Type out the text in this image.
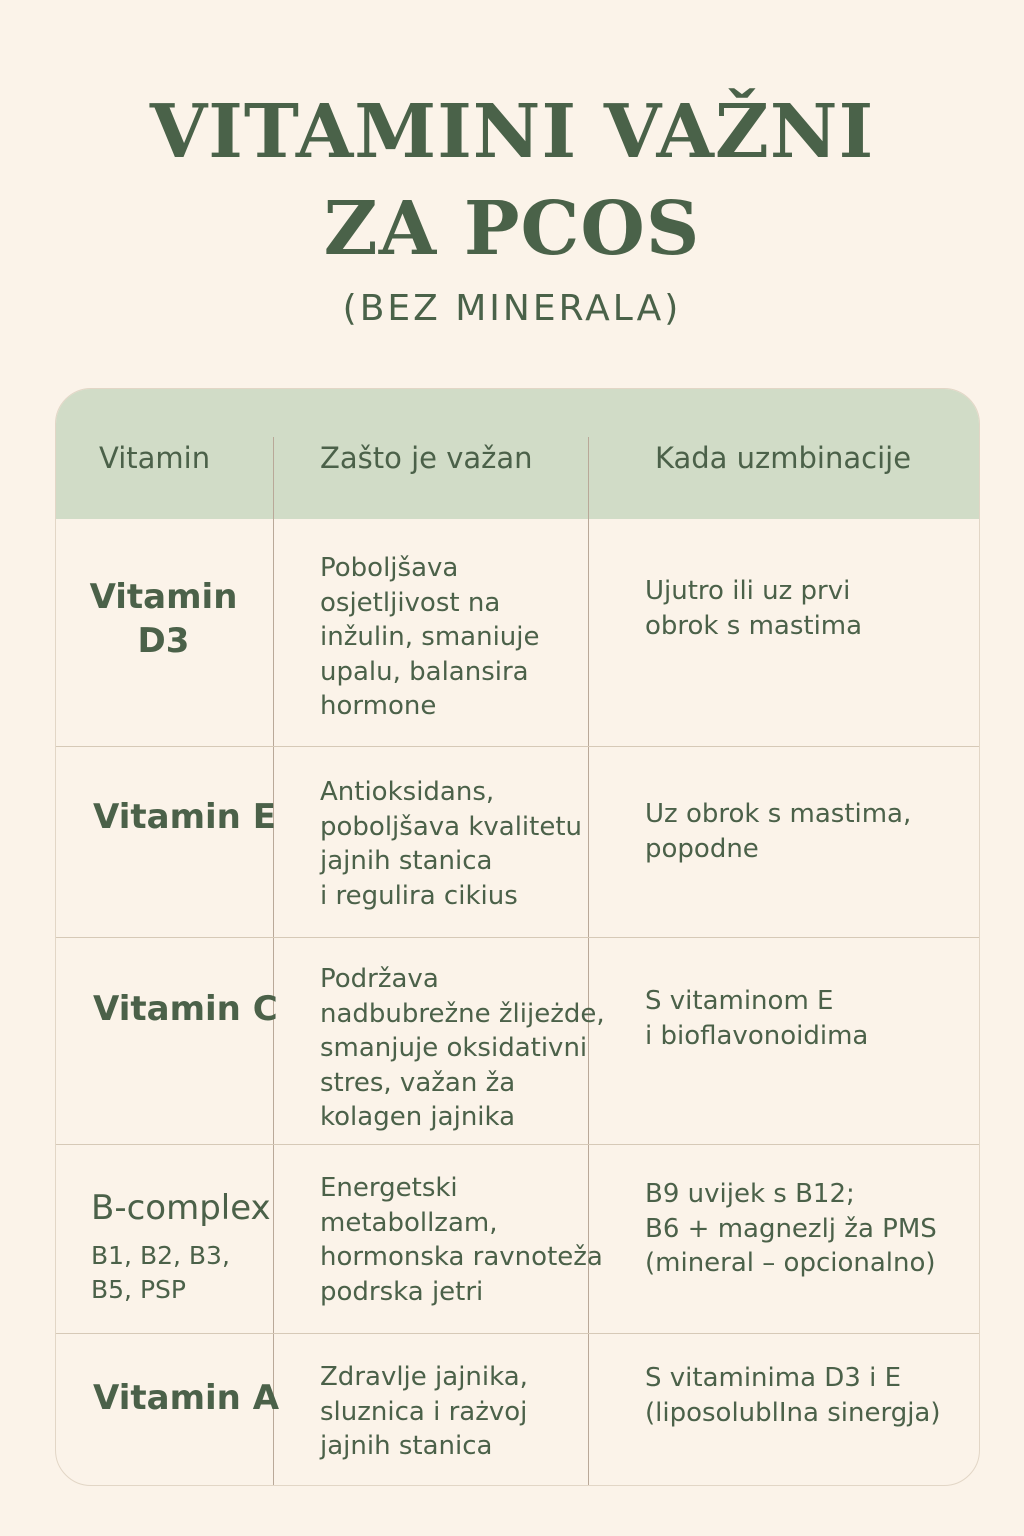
VITAMINI VAŽNI
ZA PCOS

(BEZ MINERALA)

Vitamin	Zašto je važan	Kada uzmbinacije
Vitamin
D3
Poboljšava
osjetljivost na
inžulin, smaniuje
upalu, balansira
hormone
Ujutro ili uz prvi
obrok s mastima
Vitamin E
Antioksidans,
poboljšava kvalitetu
jajnih stanica
i regulira cikius
Uz obrok s mastima,
popodne
Vitamin C
Podržava
nadbubrežne žlijeżde,
smanjuje oksidativni
stres, važan ža
kolagen jajnika
S vitaminom E
i bioflavonoidima
B-complex
B1, B2, B3,
B5, PSP
Energetski
metabollzam,
hormonska ravnoteža
podrska jetri
B9 uvijek s B12;
B6 + magnezlj ža PMS
(mineral – opcionalno)
Vitamin A
Zdravlje jajnika,
sluznica i rażvoj
jajnih stanica
S vitaminima D3 i E
(liposolublIna sinergja)
